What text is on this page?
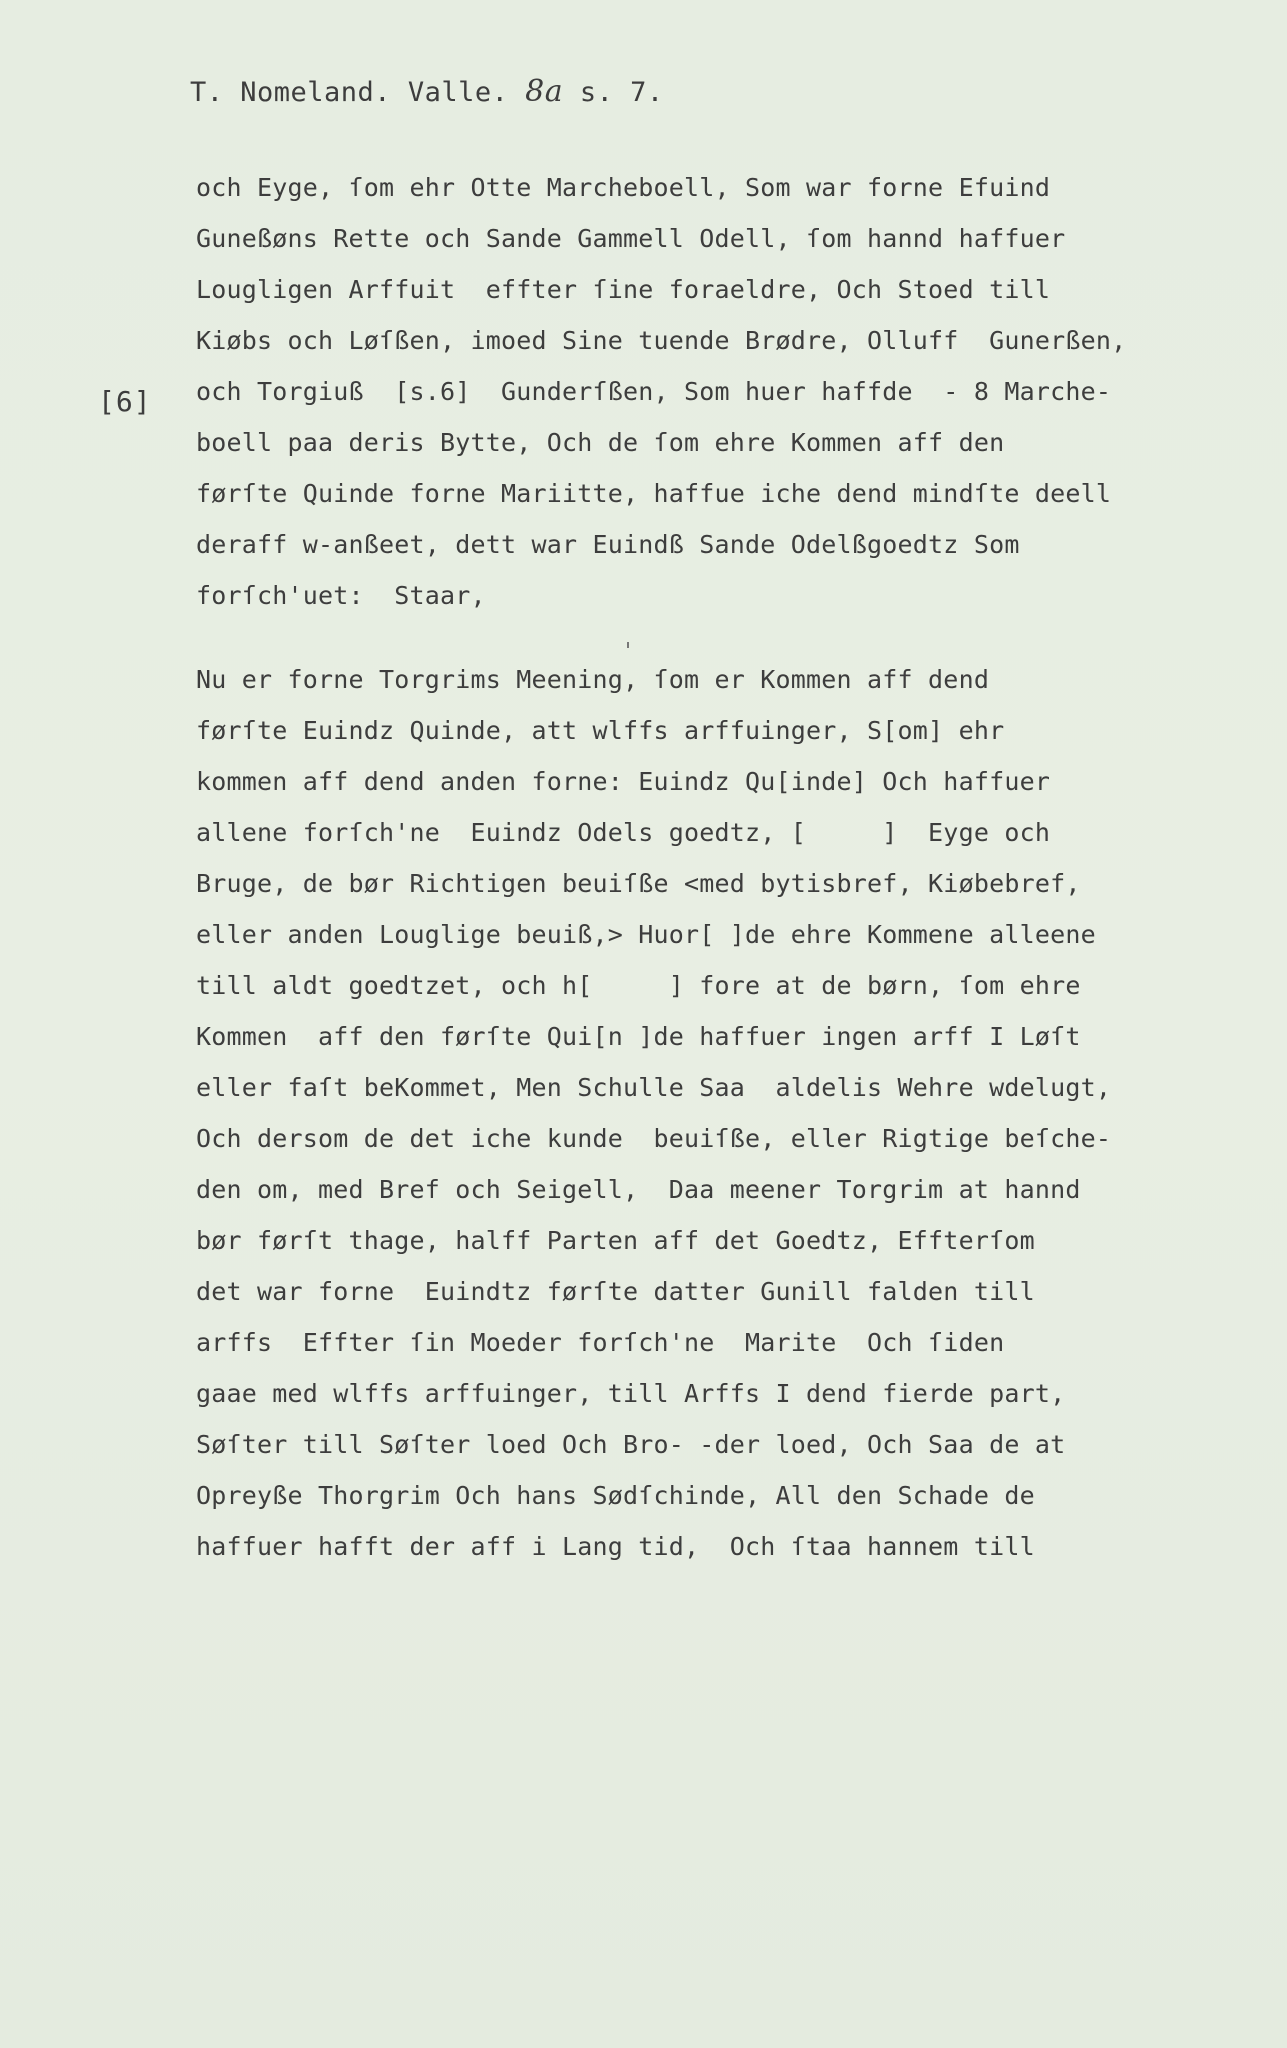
T. Nomeland. Valle. 8a s. 7.
[6]
och Eyge, ſom ehr Otte Marcheboell, Som war forne Efuind
Guneßøns Rette och Sande Gammell Odell, ſom hannd haffuer
Lougligen Arffuit  effter ſine foraeldre, Och Stoed till
Kiøbs och Løſßen, imoed Sine tuende Brødre, Olluff  Gunerßen,
och Torgiuß  [s.6]  Gunderſßen, Som huer haffde  - 8 Marche-
boell paa deris Bytte, Och de ſom ehre Kommen aff den
førſte Quinde forne Mariitte, haffue iche dend mindſte deell
deraff w-anßeet, dett war Euindß Sande Odelßgoedtz Som
forſch'uet:  Staar,
Nu er forne Torgrims Meening, ſom er Kommen aff dend
førſte Euindz Quinde, att wlffs arffuinger, S[om] ehr
kommen aff dend anden forne: Euindz Qu[inde] Och haffuer
allene forſch'ne  Euindz Odels goedtz, [     ]  Eyge och
Bruge, de bør Richtigen beuiſße <med bytisbref, Kiøbebref,
eller anden Louglige beuiß,> Huor[ ]de ehre Kommene alleene
till aldt goedtzet, och h[     ] fore at de børn, ſom ehre
Kommen  aff den førſte Qui[n ]de haffuer ingen arff I Løſt
eller faſt beKommet, Men Schulle Saa  aldelis Wehre wdelugt,
Och dersom de det iche kunde  beuiſße, eller Rigtige beſche-
den om, med Bref och Seigell,  Daa meener Torgrim at hannd
bør førſt thage, halff Parten aff det Goedtz, Effterſom
det war forne  Euindtz førſte datter Gunill falden till
arffs  Effter ſin Moeder forſch'ne  Marite  Och ſiden
gaae med wlffs arffuinger, till Arffs I dend fierde part,
Søſter till Søſter loed Och Bro- -der loed, Och Saa de at
Opreyße Thorgrim Och hans Sødſchinde, All den Schade de
haffuer hafft der aff i Lang tid,  Och ſtaa hannem till
